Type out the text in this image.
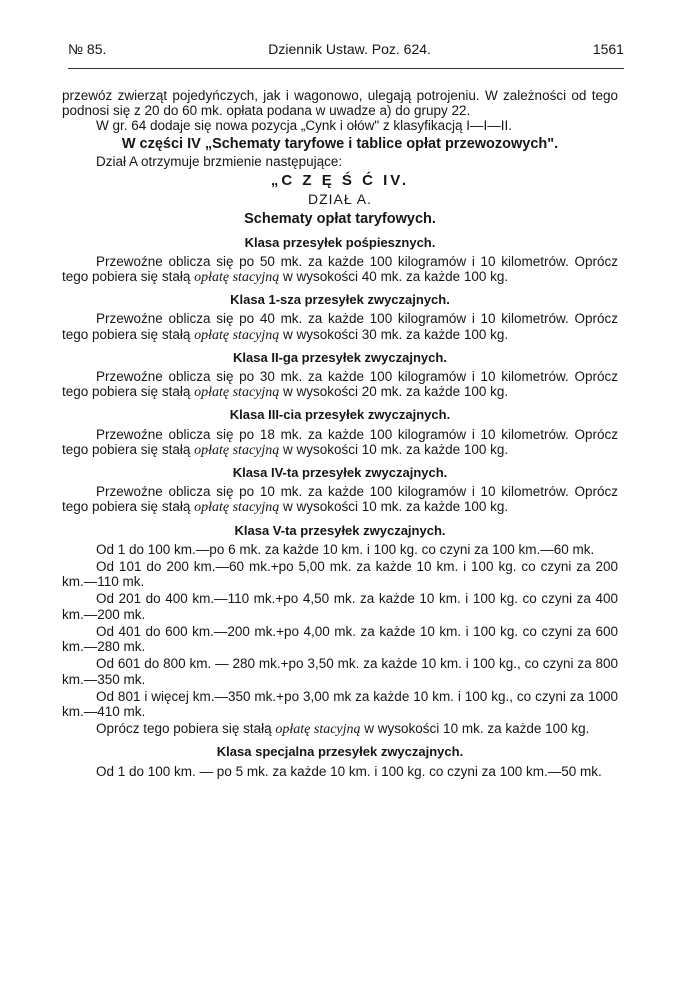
№ 85.	Dziennik Ustaw. Poz. 624.	1561

przewóz zwierząt pojedyńczych, jak i wagonowo, ulegają potrojeniu. W zależności od tego podnosi się z 20 do 60 mk. opłata podana w uwadze a) do grupy 22.

W gr. 64 dodaje się nowa pozycja „Cynk i ołów" z klasyfikacją I—I—II.

W części IV „Schematy taryfowe i tablice opłat przewozowych".

Dział A otrzymuje brzmienie następujące:

„C Z Ę Ś Ć IV.

DZIAŁ A.

Schematy opłat taryfowych.

Klasa przesyłek pośpiesznych.

Przewoźne oblicza się po 50 mk. za każde 100 kilogramów i 10 kilometrów. Oprócz tego pobiera się stałą opłatę stacyjną w wysokości 40 mk. za każde 100 kg.

Klasa 1-sza przesyłek zwyczajnych.

Przewoźne oblicza się po 40 mk. za każde 100 kilogramów i 10 kilometrów. Oprócz tego pobiera się stałą opłatę stacyjną w wysokości 30 mk. za każde 100 kg.

Klasa II-ga przesyłek zwyczajnych.

Przewoźne oblicza się po 30 mk. za każde 100 kilogramów i 10 kilometrów. Oprócz tego pobiera się stałą opłatę stacyjną w wysokości 20 mk. za każde 100 kg.

Klasa III-cia przesyłek zwyczajnych.

Przewoźne oblicza się po 18 mk. za każde 100 kilogramów i 10 kilometrów. Oprócz tego pobiera się stałą opłatę stacyjną w wysokości 10 mk. za każde 100 kg.

Klasa IV-ta przesyłek zwyczajnych.

Przewoźne oblicza się po 10 mk. za każde 100 kilogramów i 10 kilometrów. Oprócz tego pobiera się stałą opłatę stacyjną w wysokości 10 mk. za każde 100 kg.

Klasa V-ta przesyłek zwyczajnych.

Od 1 do 100 km.—po 6 mk. za każde 10 km. i 100 kg. co czyni za 100 km.—60 mk.

Od 101 do 200 km.—60 mk.+po 5,00 mk. za każde 10 km. i 100 kg. co czyni za 200 km.—110 mk.

Od 201 do 400 km.—110 mk.+po 4,50 mk. za każde 10 km. i 100 kg. co czyni za 400 km.—200 mk.

Od 401 do 600 km.—200 mk.+po 4,00 mk. za każde 10 km. i 100 kg. co czyni za 600 km.—280 mk.

Od 601 do 800 km. — 280 mk.+po 3,50 mk. za każde 10 km. i 100 kg., co czyni za 800 km.—350 mk.

Od 801 i więcej km.—350 mk.+po 3,00 mk za każde 10 km. i 100 kg., co czyni za 1000 km.—410 mk.

Oprócz tego pobiera się stałą opłatę stacyjną w wysokości 10 mk. za każde 100 kg.

Klasa specjalna przesyłek zwyczajnych.

Od 1 do 100 km. — po 5 mk. za każde 10 km. i 100 kg. co czyni za 100 km.—50 mk.
